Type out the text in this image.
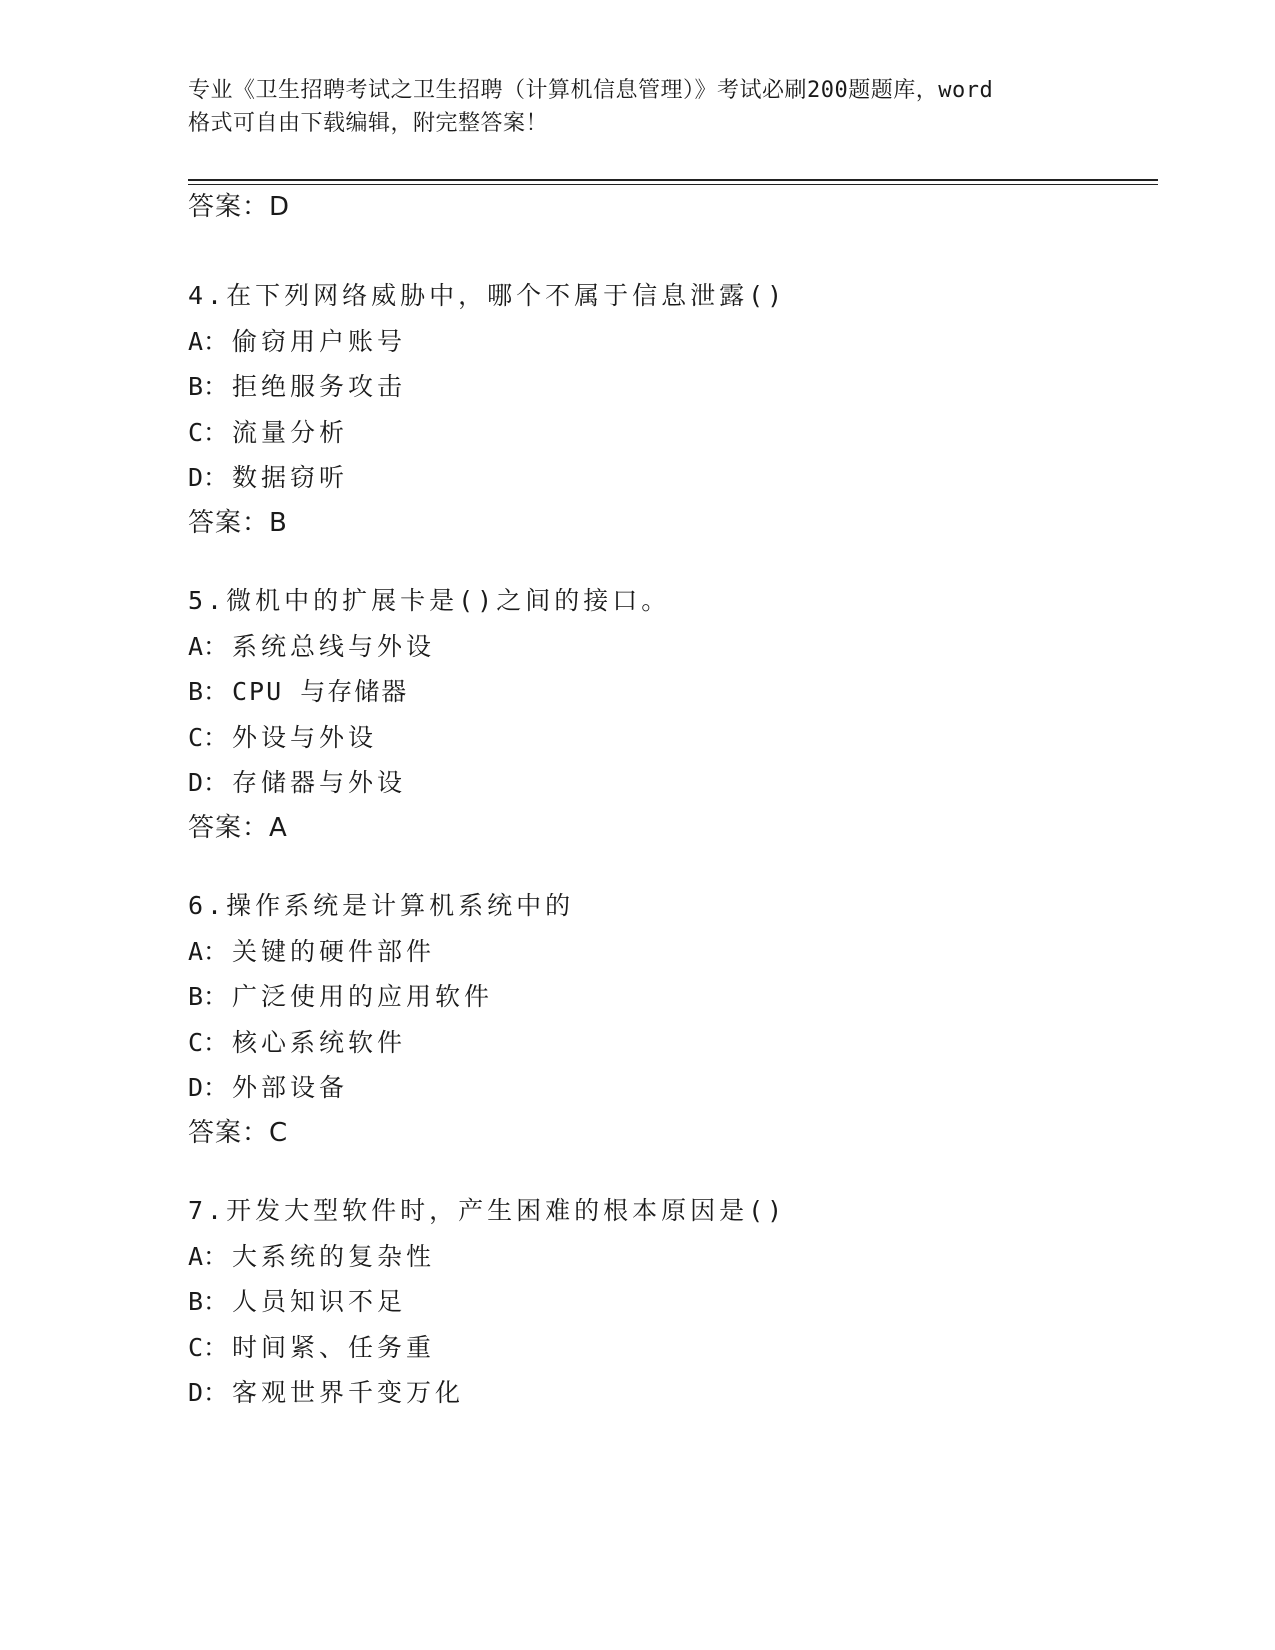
专业《卫生招聘考试之卫生招聘（计算机信息管理）》考试必刷200题题库，word
格式可自由下载编辑，附完整答案！
答案：D
4.在下列网络威胁中，哪个不属于信息泄露()
A： 偷窃用户账号
B： 拒绝服务攻击
C： 流量分析
D： 数据窃听
答案：B
5.微机中的扩展卡是()之间的接口。
A： 系统总线与外设
B： CPU 与存储器
C： 外设与外设
D： 存储器与外设
答案：A
6.操作系统是计算机系统中的
A： 关键的硬件部件
B： 广泛使用的应用软件
C： 核心系统软件
D： 外部设备
答案：C
7.开发大型软件时，产生困难的根本原因是()
A： 大系统的复杂性
B： 人员知识不足
C： 时间紧、任务重
D： 客观世界千变万化
